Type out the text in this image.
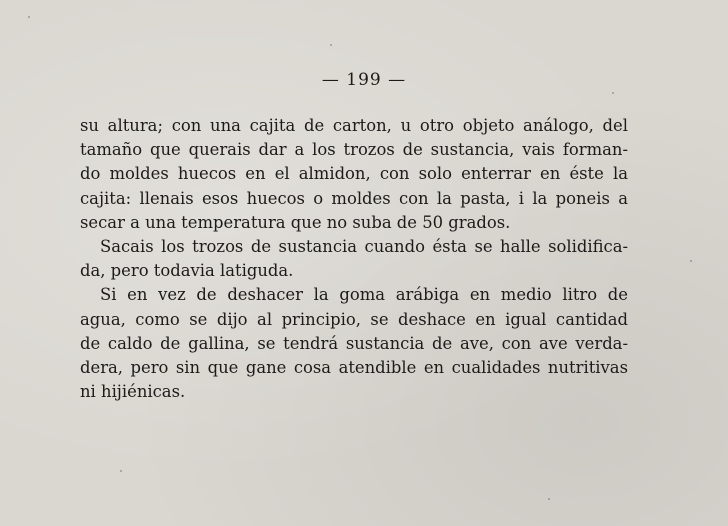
— 199 —
su altura; con una cajita de carton, u otro objeto análogo, del
tamaño que querais dar a los trozos de sustancia, vais forman-
do moldes huecos en el almidon, con solo enterrar en éste la
cajita: llenais esos huecos o moldes con la pasta, i la poneis a
secar a una temperatura que no suba de 50 grados.
Sacais los trozos de sustancia cuando ésta se halle solidifica-
da, pero todavia latiguda.
Si en vez de deshacer la goma arábiga en medio litro de
agua, como se dijo al principio, se deshace en igual cantidad
de caldo de gallina, se tendrá sustancia de ave, con ave verda-
dera, pero sin que gane cosa atendible en cualidades nutritivas
ni hijiénicas.
